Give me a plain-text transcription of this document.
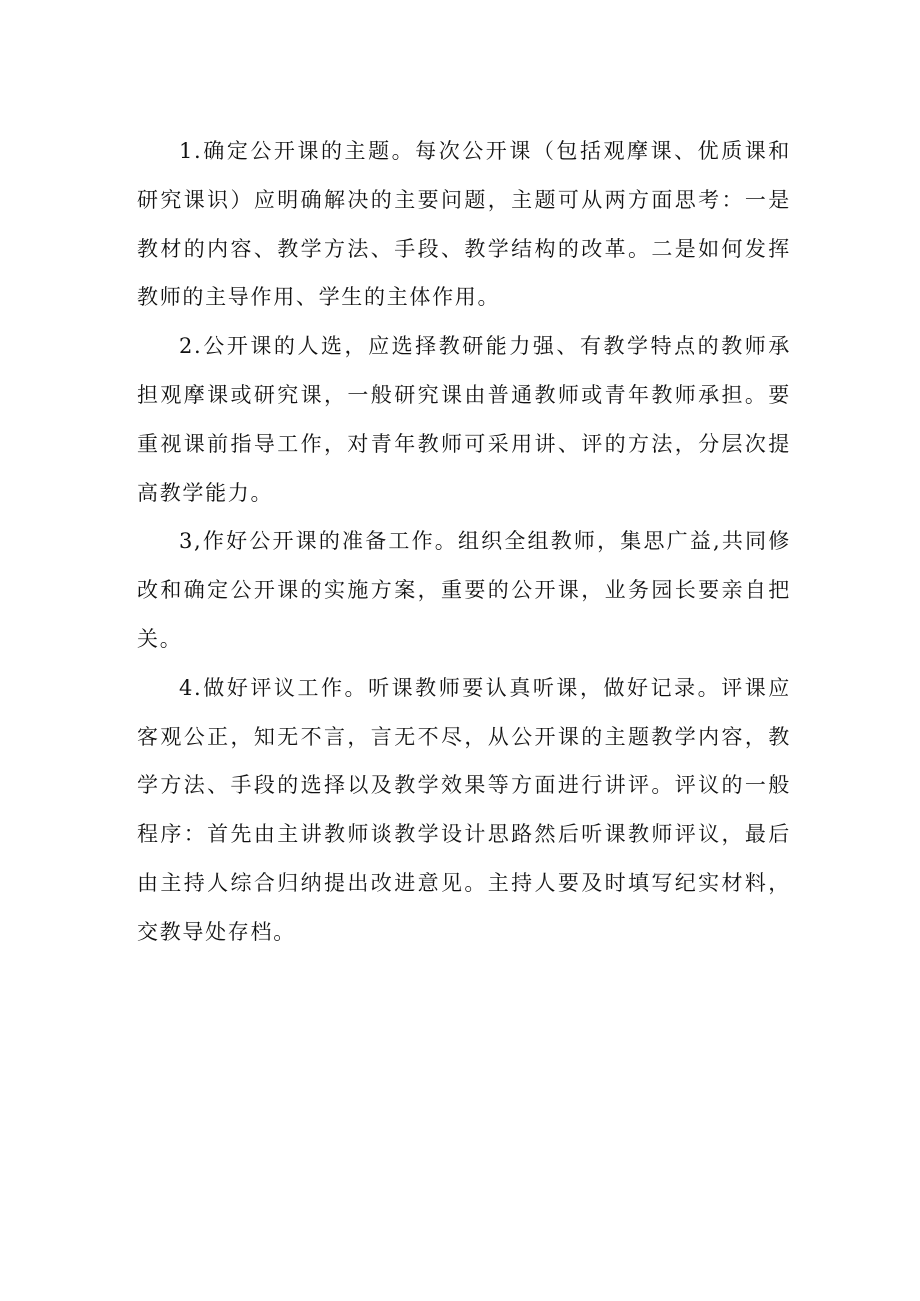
1.确定公开课的主题。每次公开课（包括观摩课、优质课和研究课识）应明确解决的主要问题，主题可从两方面思考：一是教材的内容、教学方法、手段、教学结构的改革。二是如何发挥教师的主导作用、学生的主体作用。

2.公开课的人选，应选择教研能力强、有教学特点的教师承担观摩课或研究课，一般研究课由普通教师或青年教师承担。要重视课前指导工作，对青年教师可采用讲、评的方法，分层次提高教学能力。

3,作好公开课的准备工作。组织全组教师，集思广益,共同修改和确定公开课的实施方案，重要的公开课，业务园长要亲自把关。

4.做好评议工作。听课教师要认真听课，做好记录。评课应客观公正，知无不言，言无不尽，从公开课的主题教学内容，教学方法、手段的选择以及教学效果等方面进行讲评。评议的一般程序：首先由主讲教师谈教学设计思路然后听课教师评议，最后由主持人综合归纳提出改进意见。主持人要及时填写纪实材料，交教导处存档。
